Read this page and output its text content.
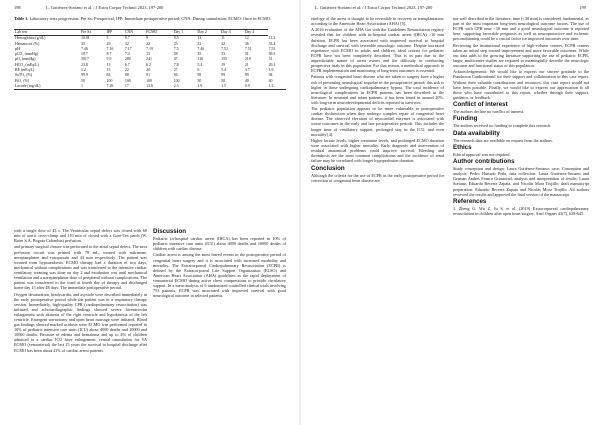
198	L. Gutiérrez-Soriano et al. / J Extra Corpor Technol 2023, 197-200
Table 1. Laboratory tests progression. Pre Sx: Preoperical; IPP: Immediate postoperative period; CNN: During cannulation; ECMO: Once in ECMO.
Lab test	Pre Sx	IPP	CNN	ECMO	Day 1	Day 2	Day 3	Day 4	
Hemoglobin (g/dL)	10.81	5	9.7	9	9.5	13	11	12	11.3
Hematocrit (%)	33	29	32	22	25	32	32	36	33.4
pH	7.46	7.16	7.17	7.19	7.5	7.46	7.52	7.51	7.51
pCO₂ (mmHg)	18.7	8.7	7.4	13	58	35	33	31	58.5
pO₂ (mmHg)	3017	9.9	280	241	47	116	155	218	51
HCO₃ (mEq/L)	23.8	13	6.7	6.2	7.8	5.4	19	21	29.1
BE (mEq/L)	1.2	15	22	20	27	6	5.4	3.7	1.9
SaTO₂ (%)	99.9	84	88	91	94	98	99	99	94
FiO₂ (%)	50	100	100	100	100	50	50	40	40
Lactate (mg/dL)	1	7.26	17	13.6	2.3	1.9	1.5	0.9	1.2

with a single dose of 43 s. The Ventricular septal defect was closed with 60 min of aortic cross-clamp and 110 min of closed with a Gore-Tex patch (W. Bates S.A, Bogota Colombia) perfusion.

and primary surgical closure was performed to the atrial septal defect. The next perfusion circuit was primed with 78 mL, treated with milrinone, norepinephrine and vasopressin and 43 min respectively. The patient was weaned from hypoaesthesis. ECMO therapy had a duration of two days, mechanical without complications and was transferred to the intensive cardiac ventilatory weaning was done on day 2 and extubation was until mechanical ventilation and a norepinephrine dose of peripheral without complications. The patient was transferred to the ward at fourth day of therapy and discharged home day 15 after 48 days. The immediate postoperative period.

Oxygen desaturation, bradycardia, and asystole were described immediately in the early postoperative period while the patient was in a respiratory therapy session. Immediately, high-quality CPR (cardiopulmonary resuscitation) was initiated and echocardiographic findings showed severe biventricular enlargement with akinesia of the right ventricle and hypokinesia of the left ventricle. Emergent sternotomy and open heart massage were initiated. Blood gas findings showed marked acidosis were ECMO was performed reported in 10% of pediatric intensive care units (ICU) about 4000 deaths and 10000 and 10000 deaths. Because of edema and hematoma and up to 4% of children admitted to a cardiac ICU have enlargement; central cannulation for VA ECMO (venoarterial) the last 25 years the survival to hospital discharge after ECMO has been about 41% of cardiac arrest patients.

Discussion

Pediatric in-hospital cardiac arrest (IHCA) has been reported in 10% of pediatric intensive care units (ICU) about 4000 deaths and 10000 deaths of children with cardiac disease.

Cardiac arrest is among the most feared events in the postoperative period of congenital heart surgery and it is associated with increased morbidity and mortality. The Extracorporeal Cardiopulmonary Resuscitation (ECPR) is defined by the Extracorporeal Life Support Organization (ELSO) and American Heart Association (AHA) guidelines as the rapid deployment of venoarterial ECMO during active chest compressions to provide circulatory support. In a meta-analysis of 9 randomized controlled clinical trials involving 753 patients, ECPR was associated with improved survival with good neurological outcome in selected patients.

L. Gutiérrez-Soriano et al. / J Extra Corpor Technol 2023, 197-200	199

etiology of the arrest is thought to be reversible to recovery or transplantation, according to the American Heart Association (AHA) [5].

A 2016 evaluation of the AHA Get with the Guidelines Resuscitation registry revealed that for children with in-hospital cardiac arrest (IHCA) >10 min duration, ECPR has been associated with improved survival to hospital discharge and survival with favorable neurologic outcome. Despite increased experience with ECMO in adults and children, ideal criteria for pediatric ECPR have not been completely described. This is in part due to the unpredictable nature of arrest events and the difficulty in conducting prospective trials in this population. For that reason, a methodical approach to ECPR implementation and monitoring of long-term outcomes is essential.

Patients with congenital heart disease who are taken to surgery have a higher risk of presenting neurological sequelae in the postoperative period; this risk is higher in those undergoing cardiopulmonary bypass. The total incidence of neurological complications in ECPR patients has been described in the literature. In neonatal and infant patients, it has been found in around 20%, with long-term neurodevelopmental deficits reported in survivors.

The pediatric population appears to be more vulnerable to postoperative cardiac dysfunction when they undergo complex repair of congenital heart disease. The observed elevation of myocardial enzymes is associated with worse outcomes in the early and late postoperative periods. This includes the longer time of ventilatory support, prolonged stay in the ICU, and even mortality [4].

Higher lactate levels, higher creatinine levels, and prolonged ECMO duration were associated with higher mortality. Early diagnosis and intervention of residual anatomical problems could improve survival. Bleeding and thrombosis are the most common complications and the incidence of renal failure may be correlated with longer hypoperfusion duration.

Conclusion

Although the criteria for the use of ECPR in the early postoperative period for correction of congenital heart disease are

not well described in the literature, time (<30 min) is considered fundamental, as part of the most important long-term neurological outcome factors. The use of ECPR with CPR time <30 min and a good neurological outcome is reported here, supporting favorable prognosis as well as neuroprotective and ischemic preconditioning could be a crucial factor for improved outcomes over time.

Reviewing the institutional experience of high-volume centers, ECPR centers taken an initial step toward improvement and more favorable outcomes. While our data adds to the growing literature supporting the use of pediatric ECPR, larger, multicenter studies are required to meaningfully describe the neurologic outcome and functional status of this population.

Acknowledgements: We would like to express our sincere gratitude to the Fundacion Cardioinfantil for their support and collaboration in this case report. Without their valuable contributions and resources, this case report would not have been possible. Finally, we would like to express our appreciation to all those who have contributed to this report, whether through their support, guidance, or feedback.

Conflict of interest

The authors declare no conflict of interest.

Funding

The authors received no funding to complete this research.

Data availability

The research data are available on request from the authors.

Ethics

Ethical approval was not required.

Author contributions

Study conception and design: Laura Gutiérrez-Soriano; case: Conception and analysis: Pedro Hurtado Peña, data collection: Laura Gutiérrez-Soriano and German Andres Franco Gruntorad; analysis and interpretation of results: Laura Soriano, Eduardo Becerra Zapata, and Nicolás Mora Trujillo; draft manuscript preparation: Eduardo Becerra Zapata and Nicolás Mora Trujillo. All authors reviewed the results and approved the final version of the manuscript.

References

1. Zheng G, Wu Z, Ju S, et al. (2019) Extracorporeal cardiopulmonary resuscitation in children after open heart surgery. Artif Organs 43(7), 638-645.
